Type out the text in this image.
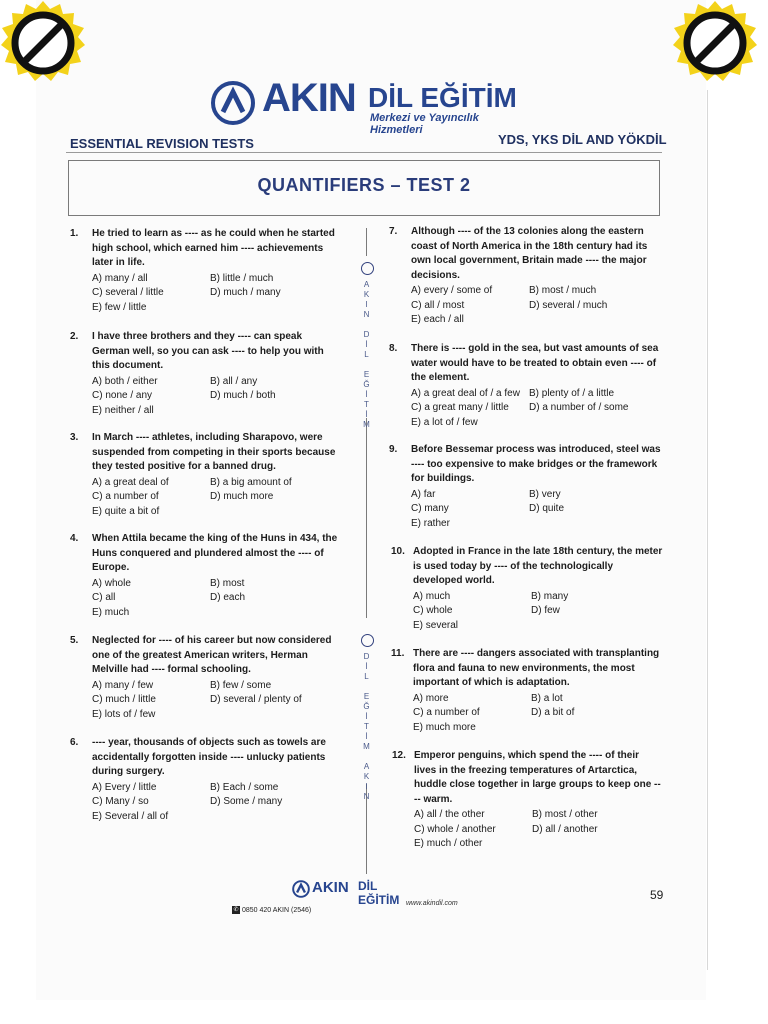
AKIN DİL EĞİTİM
Merkezi ve Yayıncılık Hizmetleri
ESSENTIAL REVISION TESTS	YDS, YKS DİL AND YÖKDİL
QUANTIFIERS – TEST 2
A
K
I
N

D
İ
L

E
Ğ
İ
T
İ
M
D
İ
L

E
Ğ
İ
T
İ
M

A
K
I
N
1. He tried to learn as ---- as he could when he started high school, which earned him ---- achievements later in life.

A) many / all	B) little / much
C) several / little	D) much / many
E) few / little
2. I have three brothers and they ---- can speak German well, so you can ask ---- to help you with this document.

A) both / either	B) all / any
C) none / any	D) much / both
E) neither / all
3. In March ---- athletes, including Sharapovo, were suspended from competing in their sports because they tested positive for a banned drug.

A) a great deal of	B) a big amount of
C) a number of	D) much more
E) quite a bit of
4. When Attila became the king of the Huns in 434, the Huns conquered and plundered almost the ---- of Europe.

A) whole	B) most
C) all	D) each
E) much
5. Neglected for ---- of his career but now considered one of the greatest American writers, Herman Melville had ---- formal schooling.

A) many / few	B) few / some
C) much / little	D) several / plenty of
E) lots of / few
6. ---- year, thousands of objects such as towels are accidentally forgotten inside ---- unlucky patients during surgery.

A) Every / little	B) Each / some
C) Many / so	D) Some / many
E) Several / all of
7. Although ---- of the 13 colonies along the eastern coast of North America in the 18th century had its own local government, Britain made ---- the major decisions.

A) every / some of	B) most / much
C) all / most	D) several / much
E) each / all
8. There is ---- gold in the sea, but vast amounts of sea water would have to be treated to obtain even ---- of the element.

A) a great deal of / a few B) plenty of / a little
C) a great many / little	D) a number of / some
E) a lot of / few
9. Before Bessemar process was introduced, steel was ---- too expensive to make bridges or the framework for buildings.

A) far	B) very
C) many	D) quite
E) rather
10. Adopted in France in the late 18th century, the meter is used today by ---- of the technologically developed world.

A) much	B) many
C) whole	D) few
E) several
11. There are ---- dangers associated with transplanting flora and fauna to new environments, the most important of which is adaptation.

A) more	B) a lot
C) a number of	D) a bit of
E) much more
12. Emperor penguins, which spend the ---- of their lives in the freezing temperatures of Artarctica, huddle close together in large groups to keep one ---- warm.

A) all / the other	B) most / other
C) whole / another	D) all / another
E) much / other
AKIN DİL EĞİTİM www.akindil.com
✆ 0850 420 AKIN (2546)
59
